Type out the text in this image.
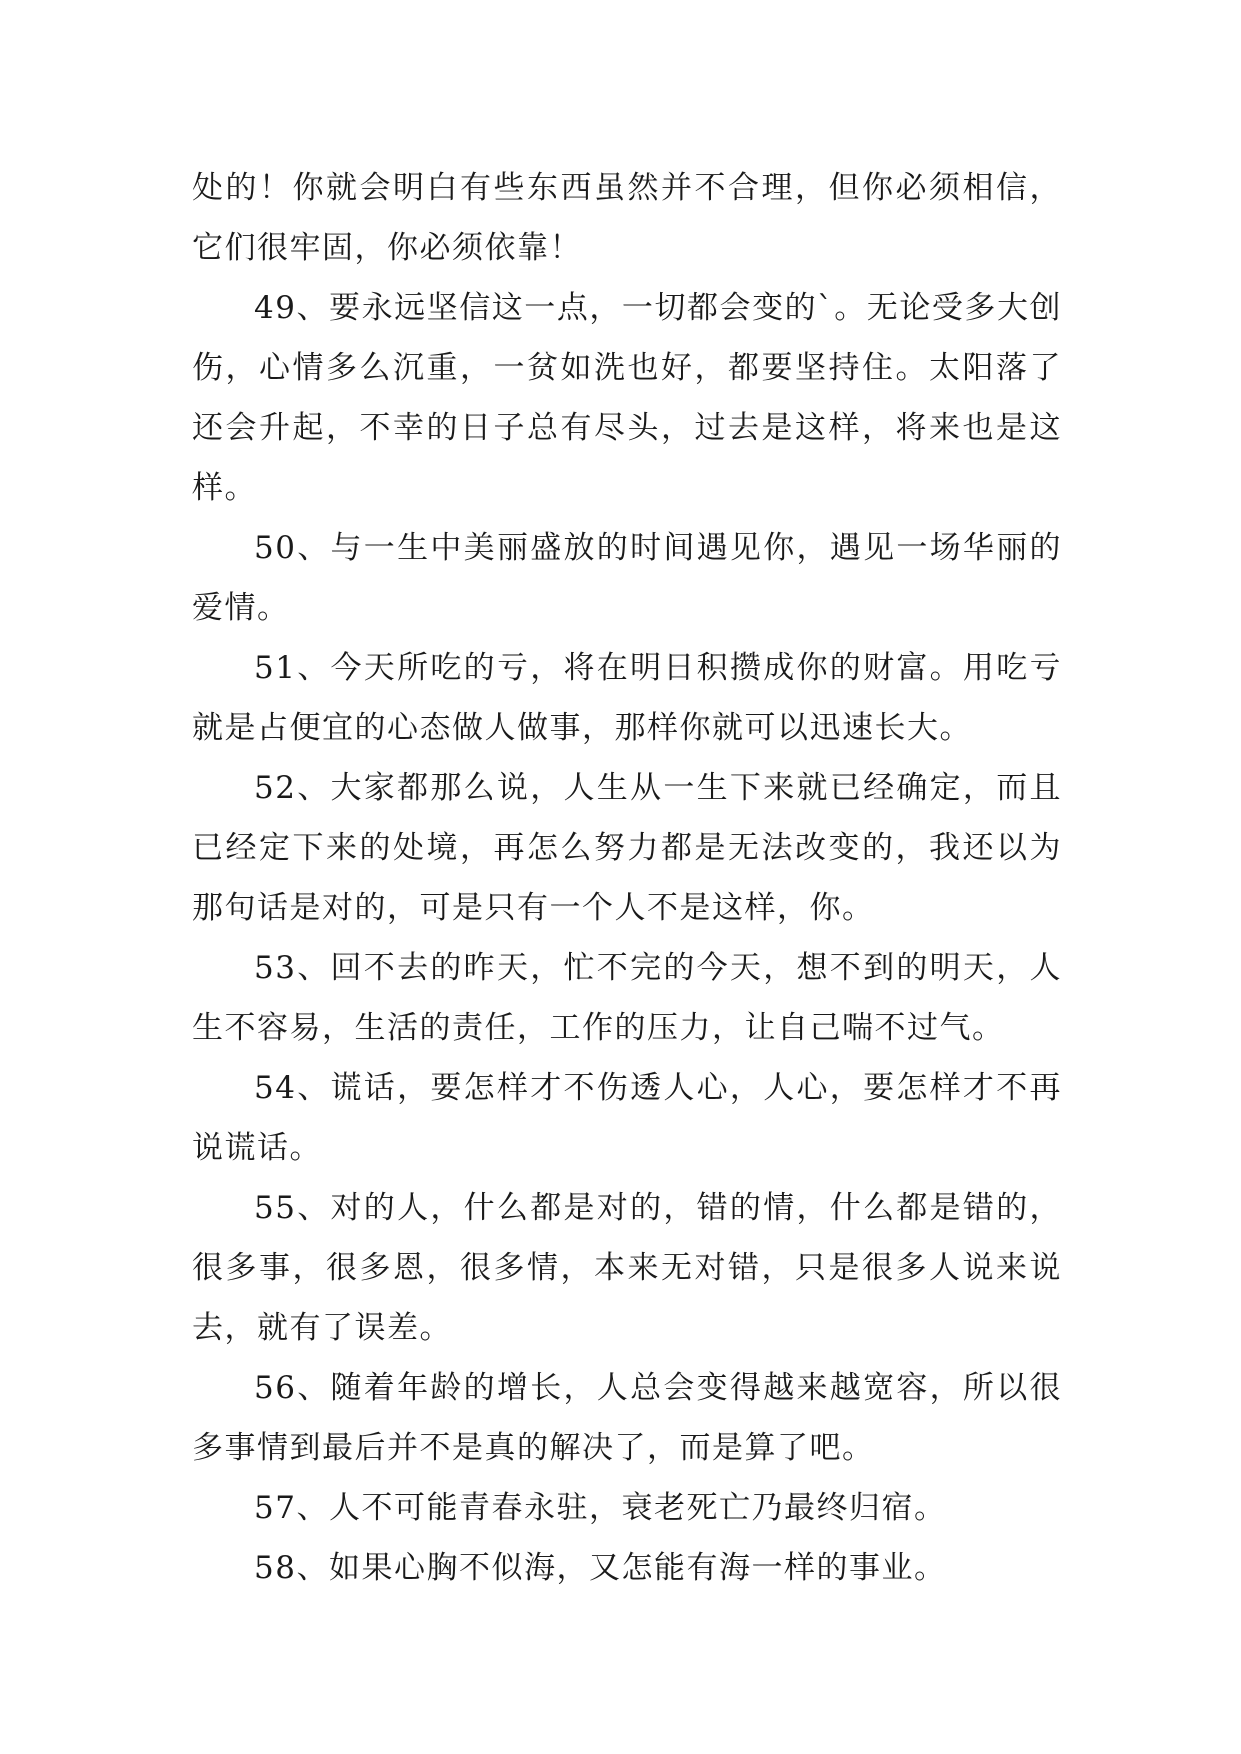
处的！你就会明白有些东西虽然并不合理，但你必须相信，它们很牢固，你必须依靠！

49、要永远坚信这一点，一切都会变的`。无论受多大创伤，心情多么沉重，一贫如洗也好，都要坚持住。太阳落了还会升起，不幸的日子总有尽头，过去是这样，将来也是这样。

50、与一生中美丽盛放的时间遇见你，遇见一场华丽的爱情。

51、今天所吃的亏，将在明日积攒成你的财富。用吃亏就是占便宜的心态做人做事，那样你就可以迅速长大。

52、大家都那么说，人生从一生下来就已经确定，而且已经定下来的处境，再怎么努力都是无法改变的，我还以为那句话是对的，可是只有一个人不是这样，你。

53、回不去的昨天，忙不完的今天，想不到的明天，人生不容易，生活的责任，工作的压力，让自己喘不过气。

54、谎话，要怎样才不伤透人心，人心，要怎样才不再说谎话。

55、对的人，什么都是对的，错的情，什么都是错的，很多事，很多恩，很多情，本来无对错，只是很多人说来说去，就有了误差。

56、随着年龄的增长，人总会变得越来越宽容，所以很多事情到最后并不是真的解决了，而是算了吧。

57、人不可能青春永驻，衰老死亡乃最终归宿。

58、如果心胸不似海，又怎能有海一样的事业。
